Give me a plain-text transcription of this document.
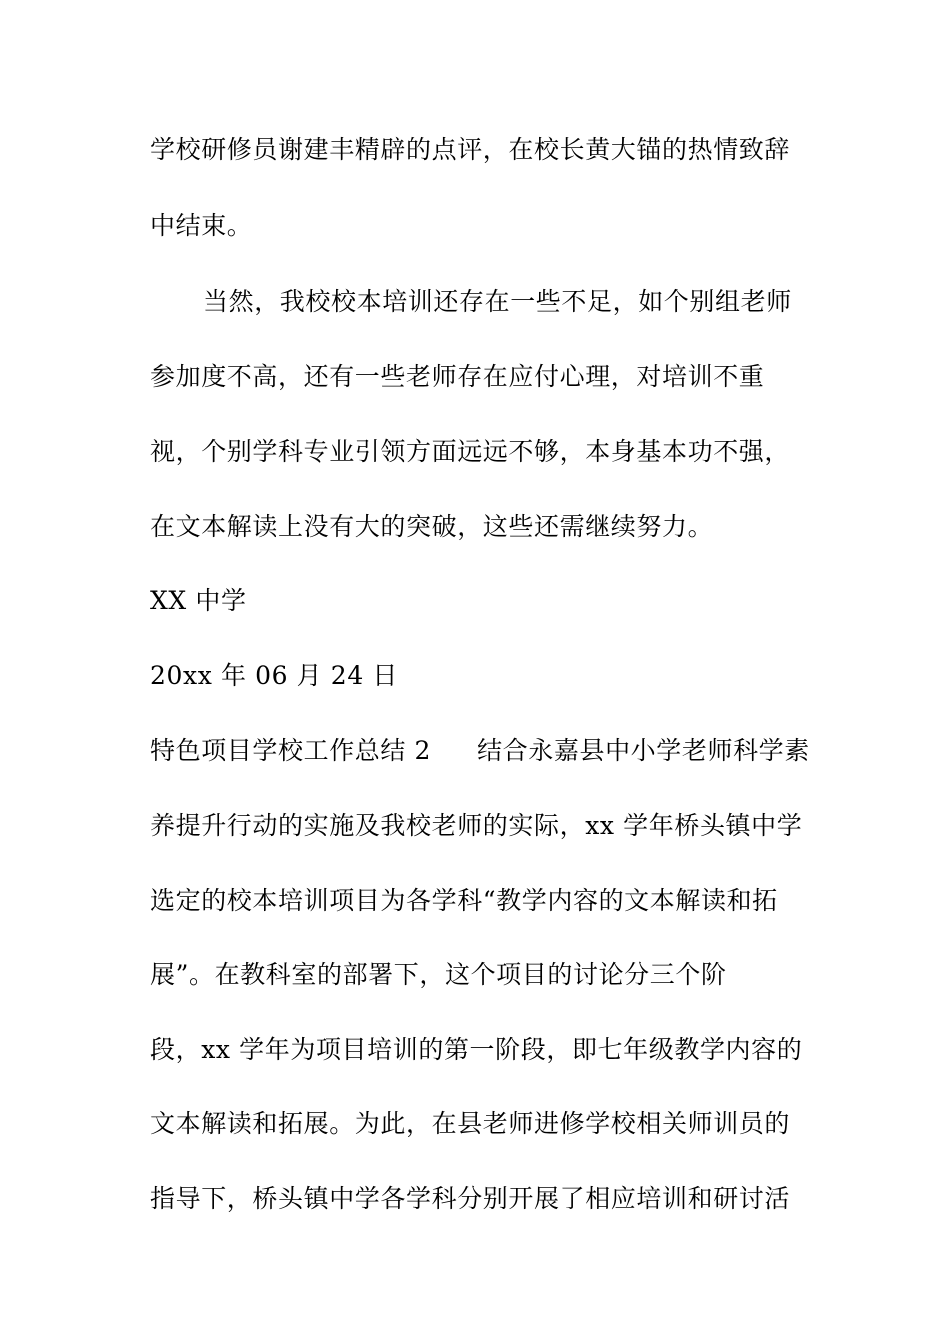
学校研修员谢建丰精辟的点评，在校长黄大锚的热情致辞
中结束。
当然，我校校本培训还存在一些不足，如个别组老师
参加度不高，还有一些老师存在应付心理，对培训不重
视，个别学科专业引领方面远远不够，本身基本功不强，
在文本解读上没有大的突破，这些还需继续努力。
XX 中学
20xx 年 06 月 24 日
特色项目学校工作总结 2 结合永嘉县中小学老师科学素
养提升行动的实施及我校老师的实际，xx 学年桥头镇中学
选定的校本培训项目为各学科“教学内容的文本解读和拓
展”。在教科室的部署下，这个项目的讨论分三个阶
段，xx 学年为项目培训的第一阶段，即七年级教学内容的
文本解读和拓展。为此，在县老师进修学校相关师训员的
指导下，桥头镇中学各学科分别开展了相应培训和研讨活
